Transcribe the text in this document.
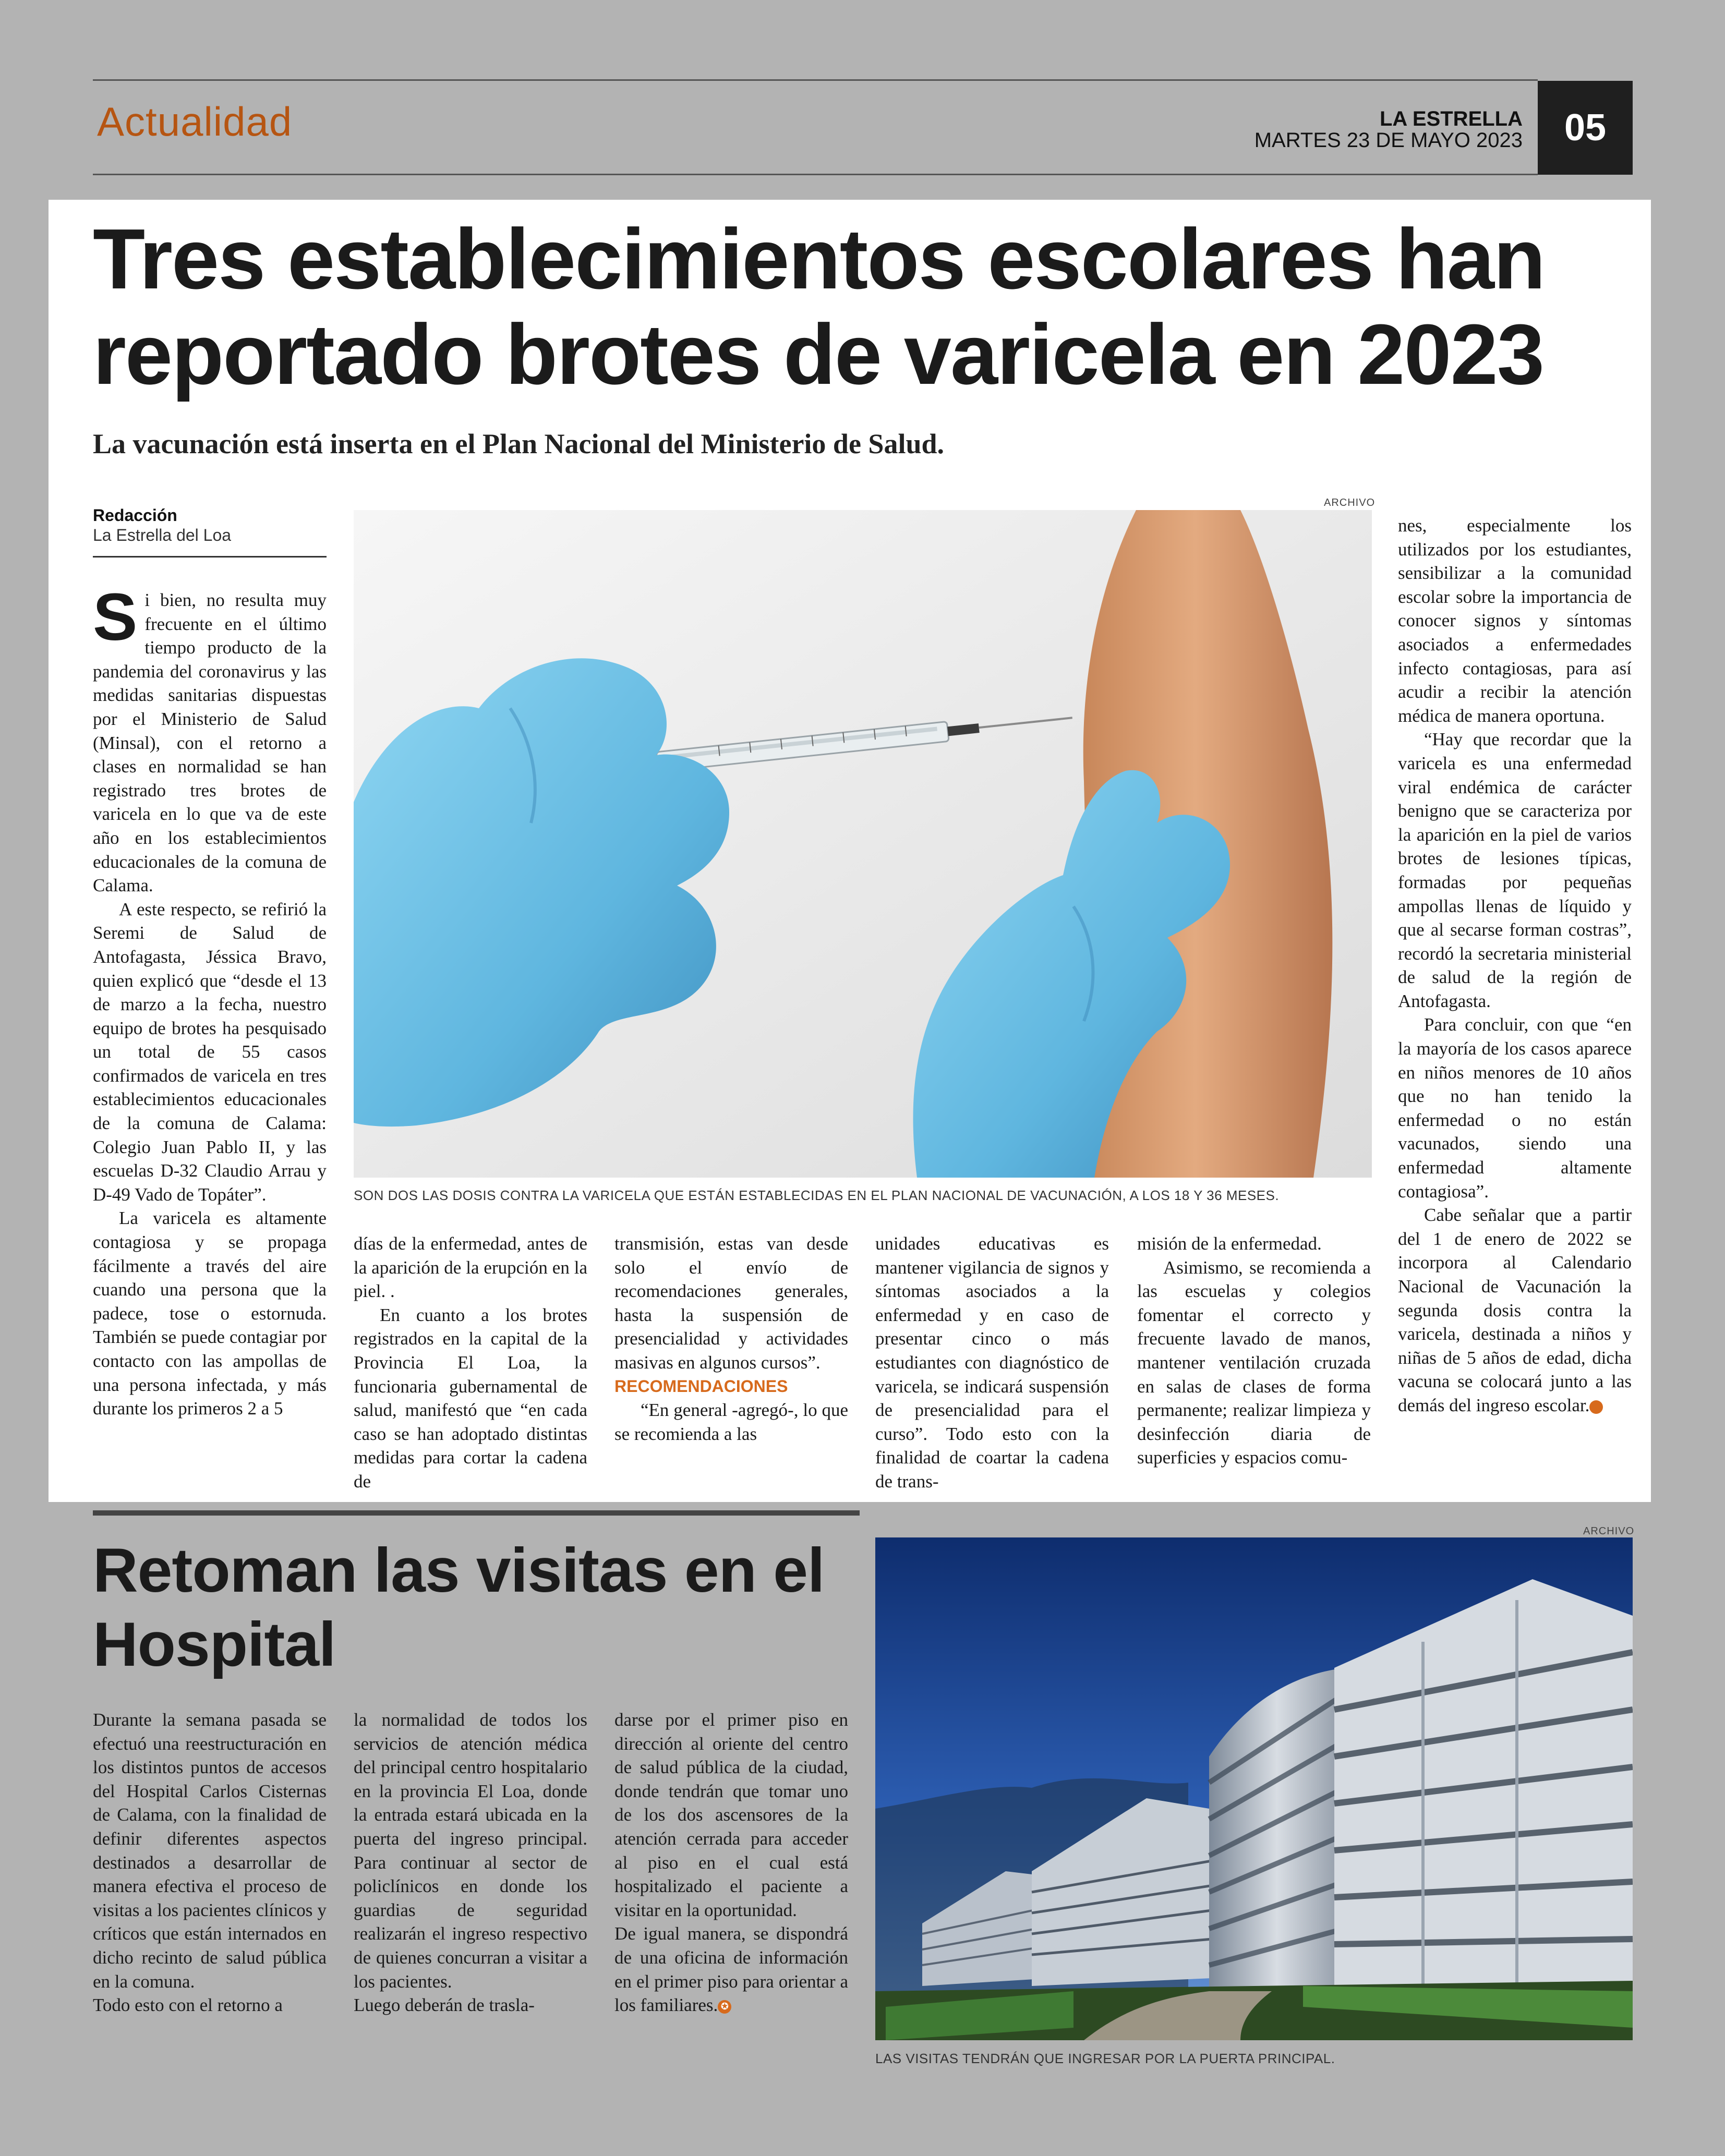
Actualidad	LA ESTRELLA
MARTES 23 DE MAYO 2023	05
Tres establecimientos escolares han reportado brotes de varicela en 2023
La vacunación está inserta en el Plan Nacional del Ministerio de Salud.
Redacción
La Estrella del Loa
ARCHIVO
SON DOS LAS DOSIS CONTRA LA VARICELA QUE ESTÁN ESTABLECIDAS EN EL PLAN NACIONAL DE VACUNACIÓN, A LOS 18 Y 36 MESES.

Si bien, no resulta muy frecuente en el último tiempo producto de la pandemia del coronavirus y las medidas sanitarias dispuestas por el Ministerio de Salud (Minsal), con el retorno a clases en normalidad se han registrado tres brotes de varicela en lo que va de este año en los establecimientos educacionales de la comuna de Calama.

A este respecto, se refirió la Seremi de Salud de Antofagasta, Jéssica Bravo, quien explicó que “desde el 13 de marzo a la fecha, nuestro equipo de brotes ha pesquisado un total de 55 casos confirmados de varicela en tres establecimientos educacionales de la comuna de Calama: Colegio Juan Pablo II, y las escuelas D-32 Claudio Arrau y D-49 Vado de Topáter”.

La varicela es altamente contagiosa y se propaga fácilmente a través del aire cuando una persona que la padece, tose o estornuda. También se puede contagiar por contacto con las ampollas de una persona infectada, y más durante los primeros 2 a 5

días de la enfermedad, antes de la aparición de la erupción en la piel. .

En cuanto a los brotes registrados en la capital de la Provincia El Loa, la funcionaria gubernamental de salud, manifestó que “en cada caso se han adoptado distintas medidas para cortar la cadena de

transmisión, estas van desde solo el envío de recomendaciones generales, hasta la suspensión de presencialidad y actividades masivas en algunos cursos”.

RECOMENDACIONES

“En general -agregó-, lo que se recomienda a las

unidades educativas es mantener vigilancia de signos y síntomas asociados a la enfermedad y en caso de presentar cinco o más estudiantes con diagnóstico de varicela, se indicará suspensión de presencialidad para el curso”. Todo esto con la finalidad de coartar la cadena de trans-

misión de la enfermedad.

Asimismo, se recomienda a las escuelas y colegios fomentar el correcto y frecuente lavado de manos, mantener ventilación cruzada en salas de clases de forma permanente; realizar limpieza y desinfección diaria de superficies y espacios comu-

nes, especialmente los utilizados por los estudiantes, sensibilizar a la comunidad escolar sobre la importancia de conocer signos y síntomas asociados a enfermedades infecto contagiosas, para así acudir a recibir la atención médica de manera oportuna.

“Hay que recordar que la varicela es una enfermedad viral endémica de carácter benigno que se caracteriza por la aparición en la piel de varios brotes de lesiones típicas, formadas por pequeñas ampollas llenas de líquido y que al secarse forman costras”, recordó la secretaria ministerial de salud de la región de Antofagasta.

Para concluir, con que “en la mayoría de los casos aparece en niños menores de 10 años que no han tenido la enfermedad o no están vacunados, siendo una enfermedad altamente contagiosa”.

Cabe señalar que a partir del 1 de enero de 2022 se incorpora al Calendario Nacional de Vacunación la segunda dosis contra la varicela, destinada a niños y niñas de 5 años de edad, dicha vacuna se colocará junto a las demás del ingreso escolar.	✪

Retoman las visitas en el Hospital

Durante la semana pasada se efectuó una reestructuración en los distintos puntos de accesos del Hospital Carlos Cisternas de Calama, con la finalidad de definir diferentes aspectos destinados a desarrollar de manera efectiva el proceso de visitas a los pacientes clínicos y críticos que están internados en dicho recinto de salud pública en la comuna.

Todo esto con el retorno a

la normalidad de todos los servicios de atención médica del principal centro hospitalario en la provincia El Loa, donde la entrada estará ubicada en la puerta del ingreso principal. Para continuar al sector de policlínicos en donde los guardias de seguridad realizarán el ingreso respectivo de quienes concurran a visitar a los pacientes.

Luego deberán de trasla-

darse por el primer piso en dirección al oriente del centro de salud pública de la ciudad, donde tendrán que tomar uno de los dos ascensores de la atención cerrada para acceder al piso en el cual está hospitalizado el paciente a visitar en la oportunidad.

De igual manera, se dispondrá de una oficina de información en el primer piso para orientar a los familiares. ✪

ARCHIVO
LAS VISITAS TENDRÁN QUE INGRESAR POR LA PUERTA PRINCIPAL.
